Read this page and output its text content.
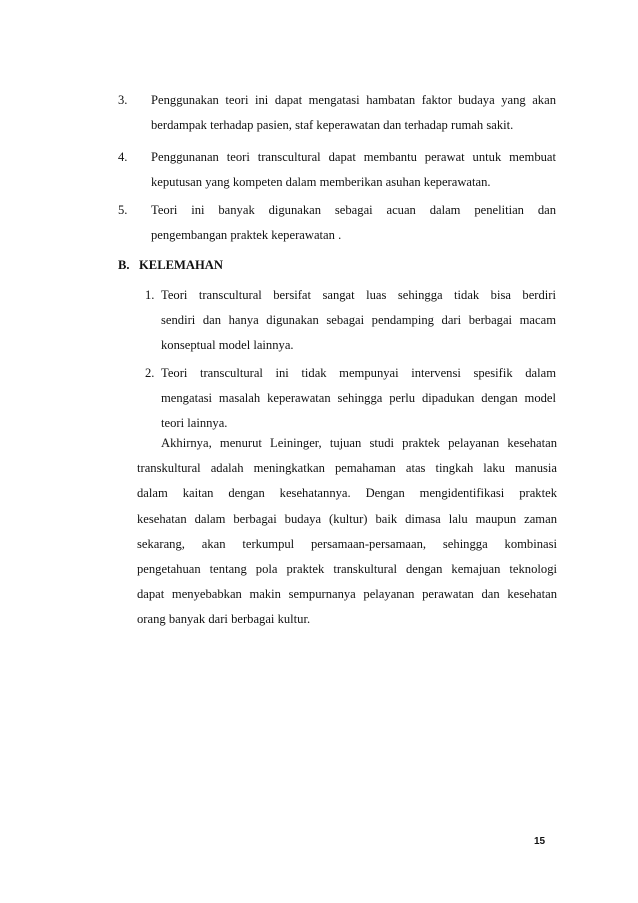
3. Penggunakan teori ini dapat mengatasi hambatan faktor budaya yang akan
berdampak terhadap pasien, staf keperawatan dan terhadap rumah sakit.
4. Penggunanan teori transcultural dapat membantu perawat untuk membuat
keputusan yang kompeten dalam memberikan asuhan keperawatan.
5. Teori ini banyak digunakan sebagai acuan dalam penelitian dan
pengembangan praktek keperawatan .
B.   KELEMAHAN
1. Teori transcultural bersifat sangat luas sehingga tidak bisa berdiri
sendiri dan hanya digunakan sebagai pendamping dari berbagai macam
konseptual model lainnya.
2. Teori transcultural ini tidak mempunyai intervensi spesifik dalam
mengatasi masalah keperawatan sehingga perlu dipadukan dengan model
teori lainnya.
Akhirnya, menurut Leininger, tujuan studi praktek pelayanan kesehatan
transkultural adalah meningkatkan pemahaman atas tingkah laku manusia
dalam kaitan dengan kesehatannya. Dengan mengidentifikasi praktek
kesehatan dalam berbagai budaya (kultur) baik dimasa lalu maupun zaman
sekarang, akan terkumpul persamaan-persamaan, sehingga kombinasi
pengetahuan tentang pola praktek transkultural dengan kemajuan teknologi
dapat menyebabkan makin sempurnanya pelayanan perawatan dan kesehatan
orang banyak dari berbagai kultur.
15
